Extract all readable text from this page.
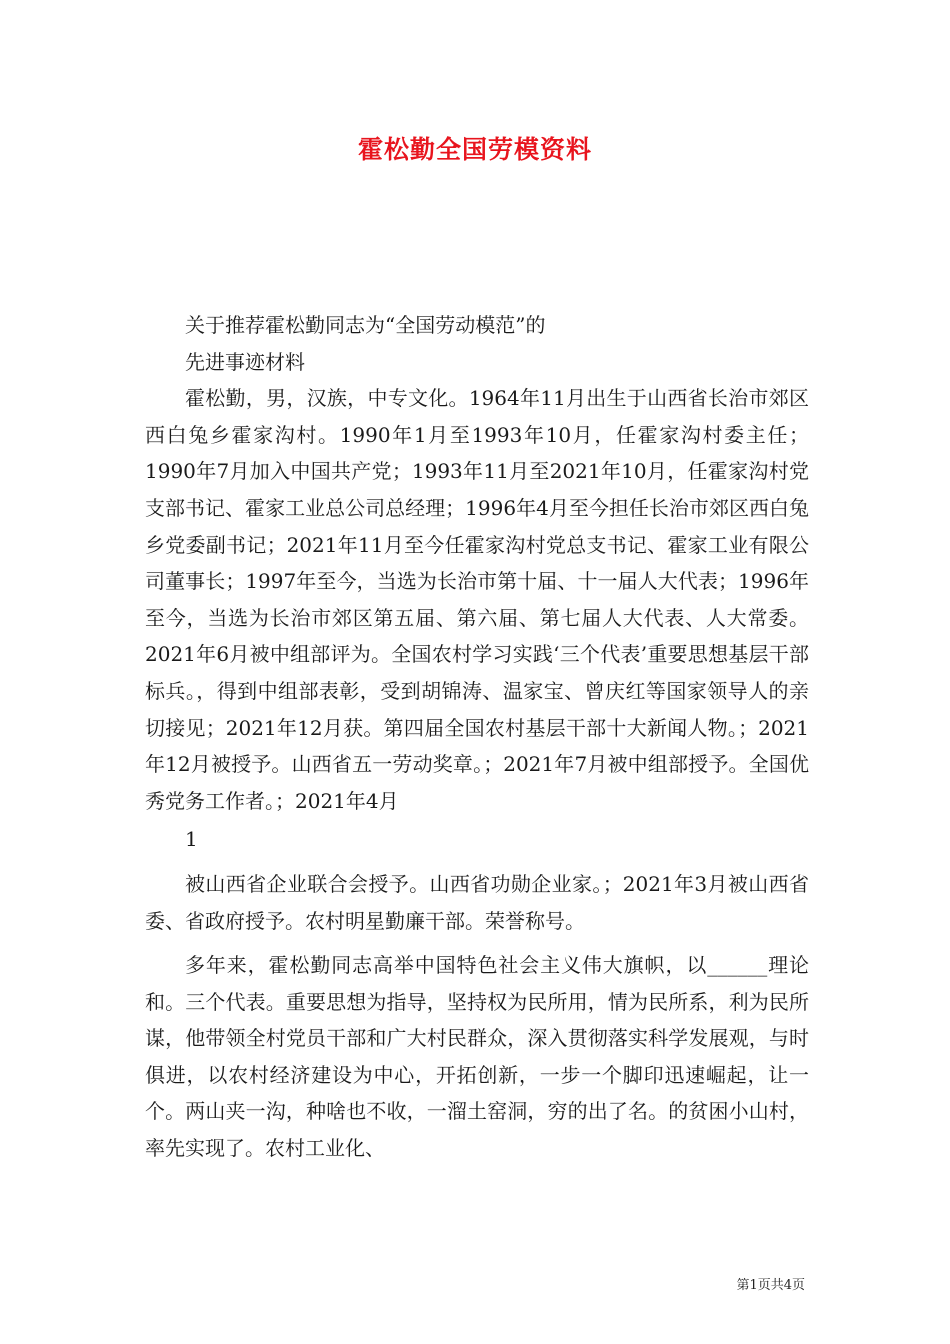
霍松勤全国劳模资料

关于推荐霍松勤同志为“全国劳动模范”的

先进事迹材料

霍松勤，男，汉族，中专文化。1964年11月出生于山西省长治市郊区西白兔乡霍家沟村。1990年1月至1993年10月，任霍家沟村委主任；1990年7月加入中国共产党；1993年11月至2021年10月，任霍家沟村党支部书记、霍家工业总公司总经理；1996年4月至今担任长治市郊区西白兔乡党委副书记；2021年11月至今任霍家沟村党总支书记、霍家工业有限公司董事长；1997年至今，当选为长治市第十届、十一届人大代表；1996年至今，当选为长治市郊区第五届、第六届、第七届人大代表、人大常委。2021年6月被中组部评为。全国农村学习实践‘三个代表’重要思想基层干部标兵。，得到中组部表彰，受到胡锦涛、温家宝、曾庆红等国家领导人的亲切接见；2021年12月获。第四届全国农村基层干部十大新闻人物。；2021年12月被授予。山西省五一劳动奖章。；2021年7月被中组部授予。全国优秀党务工作者。；2021年4月

1

被山西省企业联合会授予。山西省功勋企业家。；2021年3月被山西省委、省政府授予。农村明星勤廉干部。荣誉称号。

多年来，霍松勤同志高举中国特色社会主义伟大旗帜，以______理论和。三个代表。重要思想为指导，坚持权为民所用，情为民所系，利为民所谋，他带领全村党员干部和广大村民群众，深入贯彻落实科学发展观，与时俱进，以农村经济建设为中心，开拓创新，一步一个脚印迅速崛起，让一个。两山夹一沟，种啥也不收，一溜土窑洞，穷的出了名。的贫困小山村，率先实现了。农村工业化、

第1页共4页
